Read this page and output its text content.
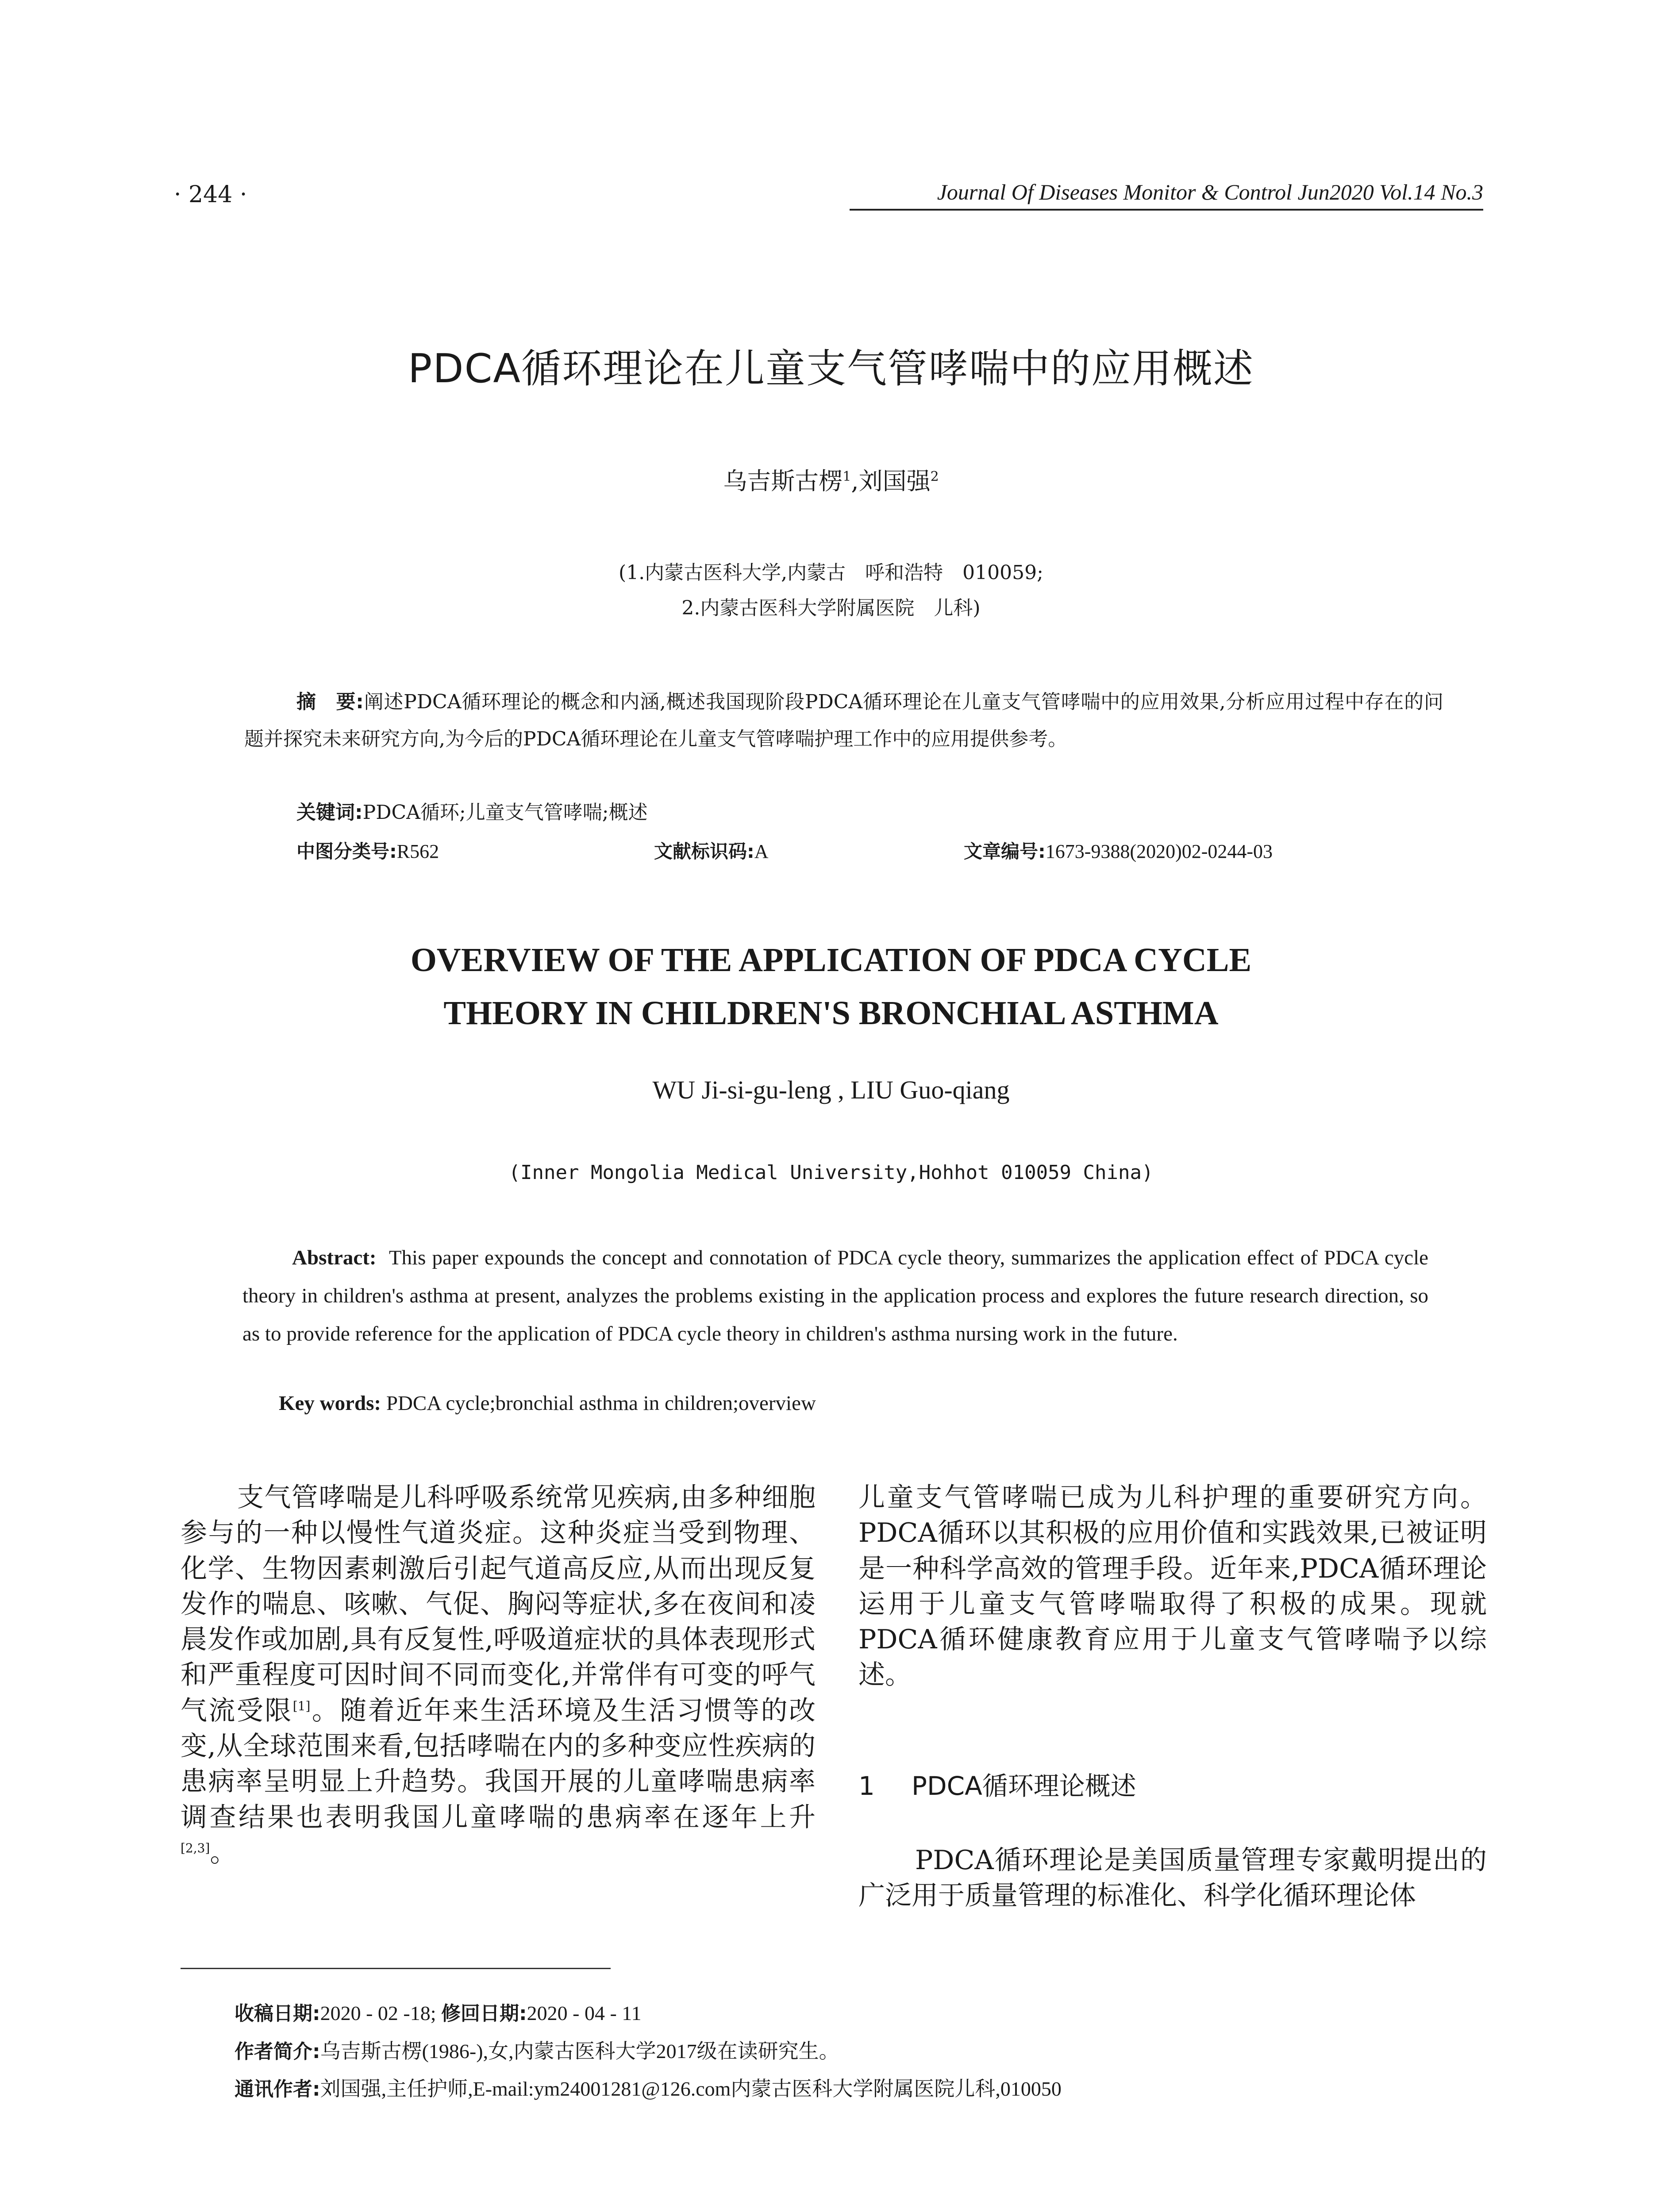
· 244 ·	Journal Of Diseases Monitor & Control Jun2020 Vol.14 No.3
PDCA循环理论在儿童支气管哮喘中的应用概述
乌吉斯古楞$^1$,刘国强$^2$
(1.内蒙古医科大学,内蒙古　呼和浩特　010059;
2.内蒙古医科大学附属医院　儿科)
摘　要:阐述PDCA循环理论的概念和内涵,概述我国现阶段PDCA循环理论在儿童支气管哮喘中的应用效果,分析应用过程中存在的问题并探究未来研究方向,为今后的PDCA循环理论在儿童支气管哮喘护理工作中的应用提供参考。
关键词:PDCA循环;儿童支气管哮喘;概述
中图分类号:R562	文献标识码:A	文章编号:1673-9388(2020)02-0244-03
OVERVIEW OF THE APPLICATION OF PDCA CYCLE
THEORY IN CHILDREN'S BRONCHIAL ASTHMA
WU Ji-si-gu-leng , LIU Guo-qiang
(Inner Mongolia Medical University,Hohhot 010059 China)
Abstract: This paper expounds the concept and connotation of PDCA cycle theory, summarizes the application effect of PDCA cycle theory in children's asthma at present, analyzes the problems existing in the application process and explores the future research direction, so as to provide reference for the application of PDCA cycle theory in children's asthma nursing work in the future.
Key words: PDCA cycle;bronchial asthma in children;overview
支气管哮喘是儿科呼吸系统常见疾病,由多种细胞参与的一种以慢性气道炎症。这种炎症当受到物理、化学、生物因素刺激后引起气道高反应,从而出现反复发作的喘息、咳嗽、气促、胸闷等症状,多在夜间和凌晨发作或加剧,具有反复性,呼吸道症状的具体表现形式和严重程度可因时间不同而变化,并常伴有可变的呼气气流受限[1]。随着近年来生活环境及生活习惯等的改变,从全球范围来看,包括哮喘在内的多种变应性疾病的患病率呈明显上升趋势。我国开展的儿童哮喘患病率调查结果也表明我国儿童哮喘的患病率在逐年上升[2,3]。
儿童支气管哮喘已成为儿科护理的重要研究方向。PDCA循环以其积极的应用价值和实践效果,已被证明是一种科学高效的管理手段。近年来,PDCA循环理论运用于儿童支气管哮喘取得了积极的成果。现就PDCA循环健康教育应用于儿童支气管哮喘予以综述。
1 PDCA循环理论概述
PDCA循环理论是美国质量管理专家戴明提出的广泛用于质量管理的标准化、科学化循环理论体
收稿日期:2020 - 02 -18; 修回日期:2020 - 04 - 11
作者简介:乌吉斯古楞(1986-),女,内蒙古医科大学2017级在读研究生。
通讯作者:刘国强,主任护师,E-mail:ym24001281@126.com内蒙古医科大学附属医院儿科,010050
